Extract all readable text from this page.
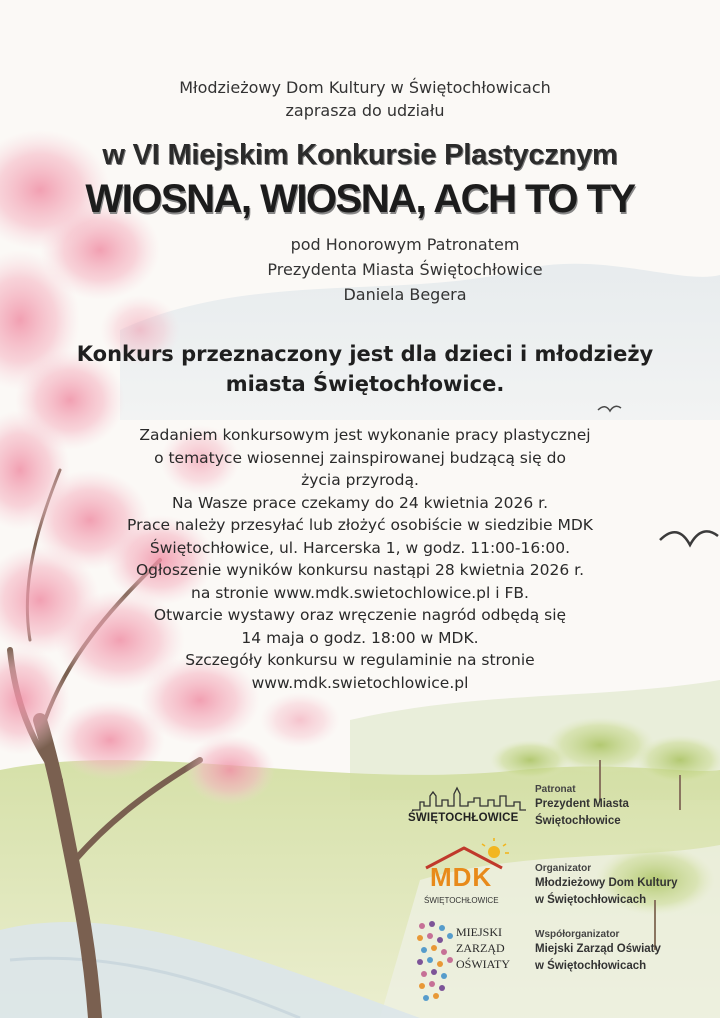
Młodzieżowy Dom Kultury w Świętochłowicach
zaprasza do udziału
w VI Miejskim Konkursie Plastycznym
WIOSNA, WIOSNA, ACH TO TY
pod Honorowym Patronatem
Prezydenta Miasta Świętochłowice
Daniela Begera
Konkurs przeznaczony jest dla dzieci i młodzieży
miasta Świętochłowice.
Zadaniem konkursowym jest wykonanie pracy plastycznej
o tematyce wiosennej zainspirowanej budzącą się do
życia przyrodą.
Na Wasze prace czekamy do 24 kwietnia 2026 r.
Prace należy przesyłać lub złożyć osobiście w siedzibie MDK
Świętochłowice, ul. Harcerska 1, w godz. 11:00-16:00.
Ogłoszenie wyników konkursu nastąpi 28 kwietnia 2026 r.
na stronie www.mdk.swietochlowice.pl i FB.
Otwarcie wystawy oraz wręczenie nagród odbędą się
14 maja o godz. 18:00 w MDK.
Szczegóły konkursu w regulaminie na stronie
www.mdk.swietochlowice.pl
ŚWIĘTOCHŁOWICE
Patronat
Prezydent Miasta
Świętochłowice
MDK
ŚWIĘTOCHŁOWICE
Organizator
Młodzieżowy Dom Kultury
w Świętochłowicach
MIEJSKI
ZARZĄD
OŚWIATY
Współorganizator
Miejski Zarząd Oświaty
w Świętochłowicach
